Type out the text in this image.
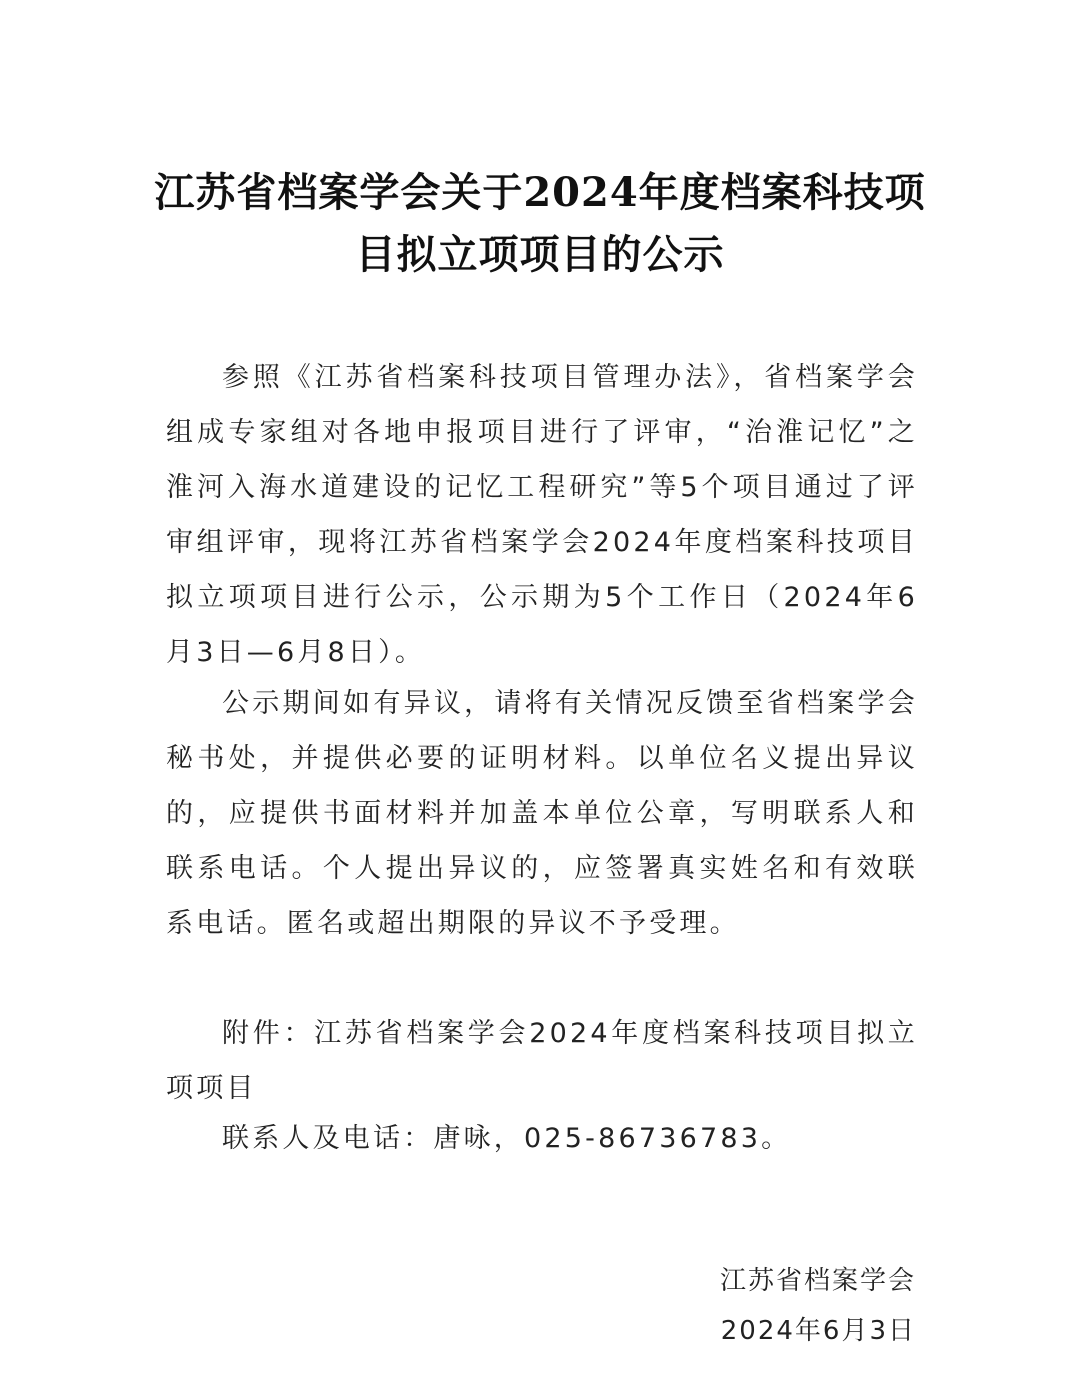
江苏省档案学会关于2024年度档案科技项目拟立项项目的公示

参照《江苏省档案科技项目管理办法》，省档案学会组成专家组对各地申报项目进行了评审，“治淮记忆”之淮河入海水道建设的记忆工程研究”等5个项目通过了评审组评审，现将江苏省档案学会2024年度档案科技项目拟立项项目进行公示，公示期为5个工作日（2024年6月3日—6月8日）。

公示期间如有异议，请将有关情况反馈至省档案学会秘书处，并提供必要的证明材料。以单位名义提出异议的，应提供书面材料并加盖本单位公章，写明联系人和联系电话。个人提出异议的，应签署真实姓名和有效联系电话。匿名或超出期限的异议不予受理。

附件：江苏省档案学会2024年度档案科技项目拟立项项目

联系人及电话：唐咏，025-86736783。

江苏省档案学会
2024年6月3日
